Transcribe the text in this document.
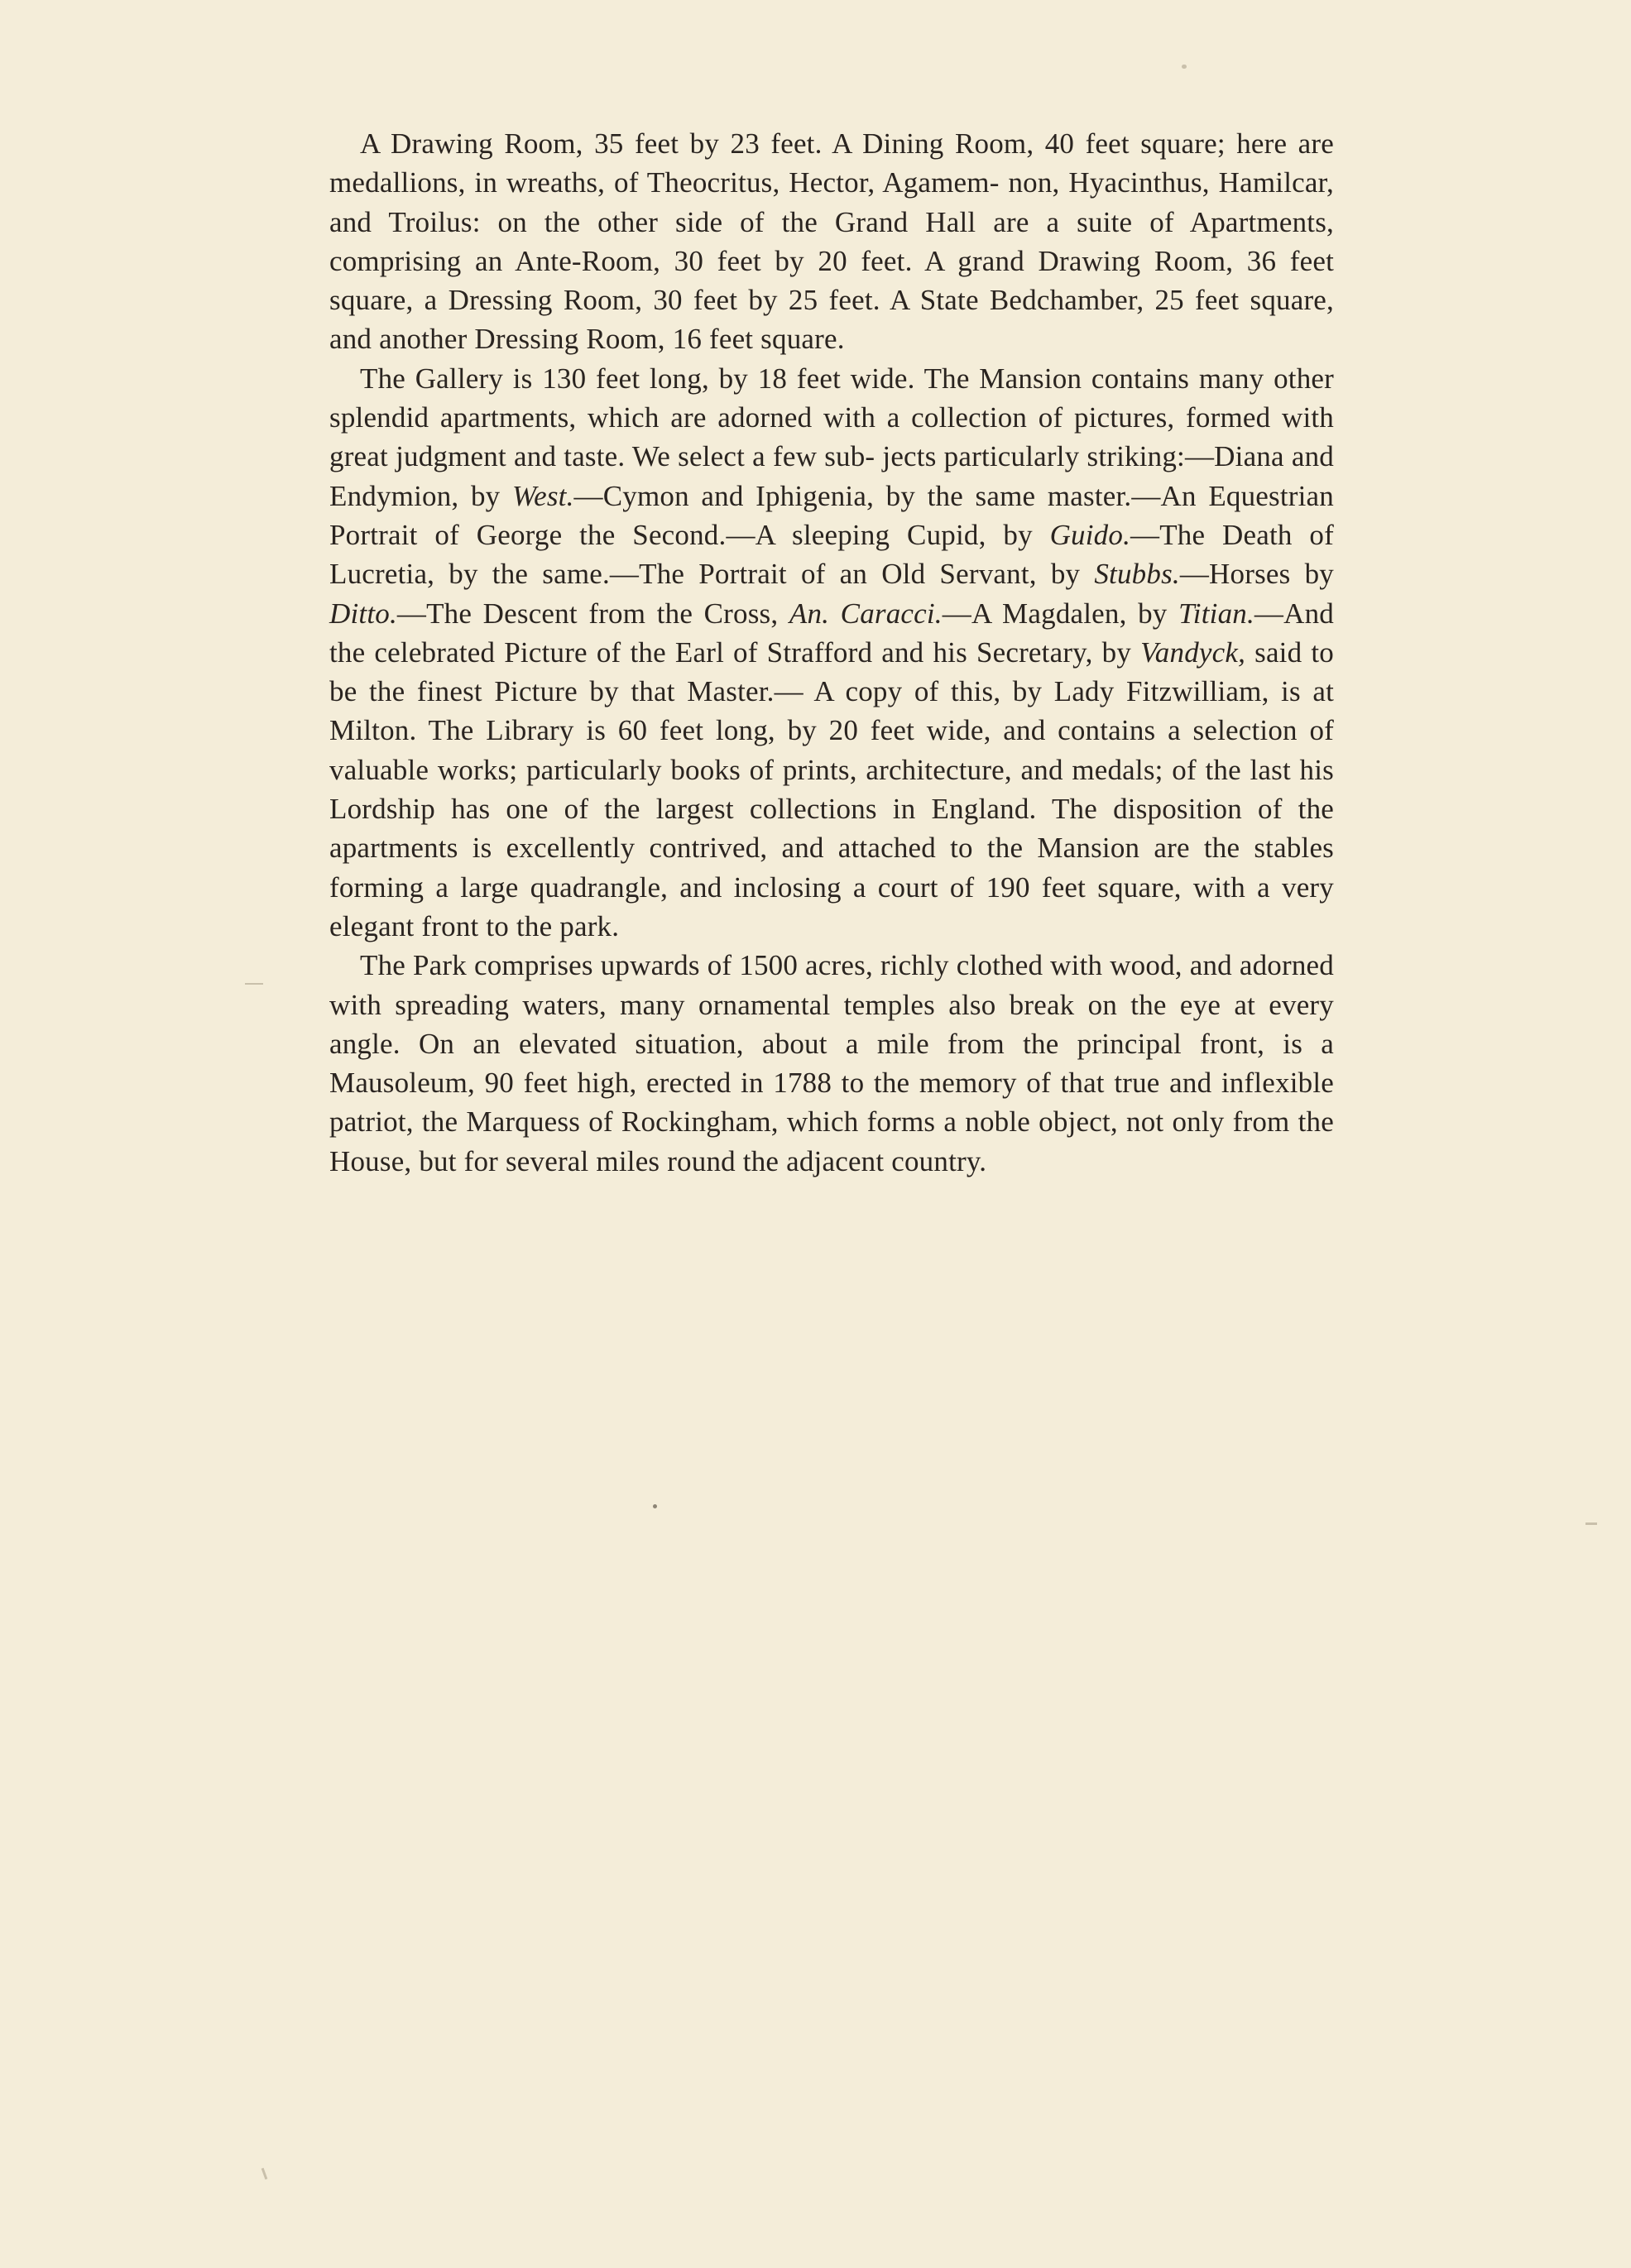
A Drawing Room, 35 feet by 23 feet. A Dining Room, 40 feet square; here are medallions, in wreaths, of Theocritus, Hector, Agamem- non, Hyacinthus, Hamilcar, and Troilus: on the other side of the Grand Hall are a suite of Apartments, comprising an Ante-Room, 30 feet by 20 feet. A grand Drawing Room, 36 feet square, a Dressing Room, 30 feet by 25 feet. A State Bedchamber, 25 feet square, and another Dressing Room, 16 feet square.

The Gallery is 130 feet long, by 18 feet wide. The Mansion contains many other splendid apartments, which are adorned with a collection of pictures, formed with great judgment and taste. We select a few sub- jects particularly striking:—Diana and Endymion, by West.—Cymon and Iphigenia, by the same master.—An Equestrian Portrait of George the Second.—A sleeping Cupid, by Guido.—The Death of Lucretia, by the same.—The Portrait of an Old Servant, by Stubbs.—Horses by Ditto.—The Descent from the Cross, An. Caracci.—A Magdalen, by Titian.—And the celebrated Picture of the Earl of Strafford and his Secretary, by Vandyck, said to be the finest Picture by that Master.— A copy of this, by Lady Fitzwilliam, is at Milton. The Library is 60 feet long, by 20 feet wide, and contains a selection of valuable works; particularly books of prints, architecture, and medals; of the last his Lordship has one of the largest collections in England. The disposition of the apartments is excellently contrived, and attached to the Mansion are the stables forming a large quadrangle, and inclosing a court of 190 feet square, with a very elegant front to the park.

The Park comprises upwards of 1500 acres, richly clothed with wood, and adorned with spreading waters, many ornamental temples also break on the eye at every angle. On an elevated situation, about a mile from the principal front, is a Mausoleum, 90 feet high, erected in 1788 to the memory of that true and inflexible patriot, the Marquess of Rockingham, which forms a noble object, not only from the House, but for several miles round the adjacent country.
